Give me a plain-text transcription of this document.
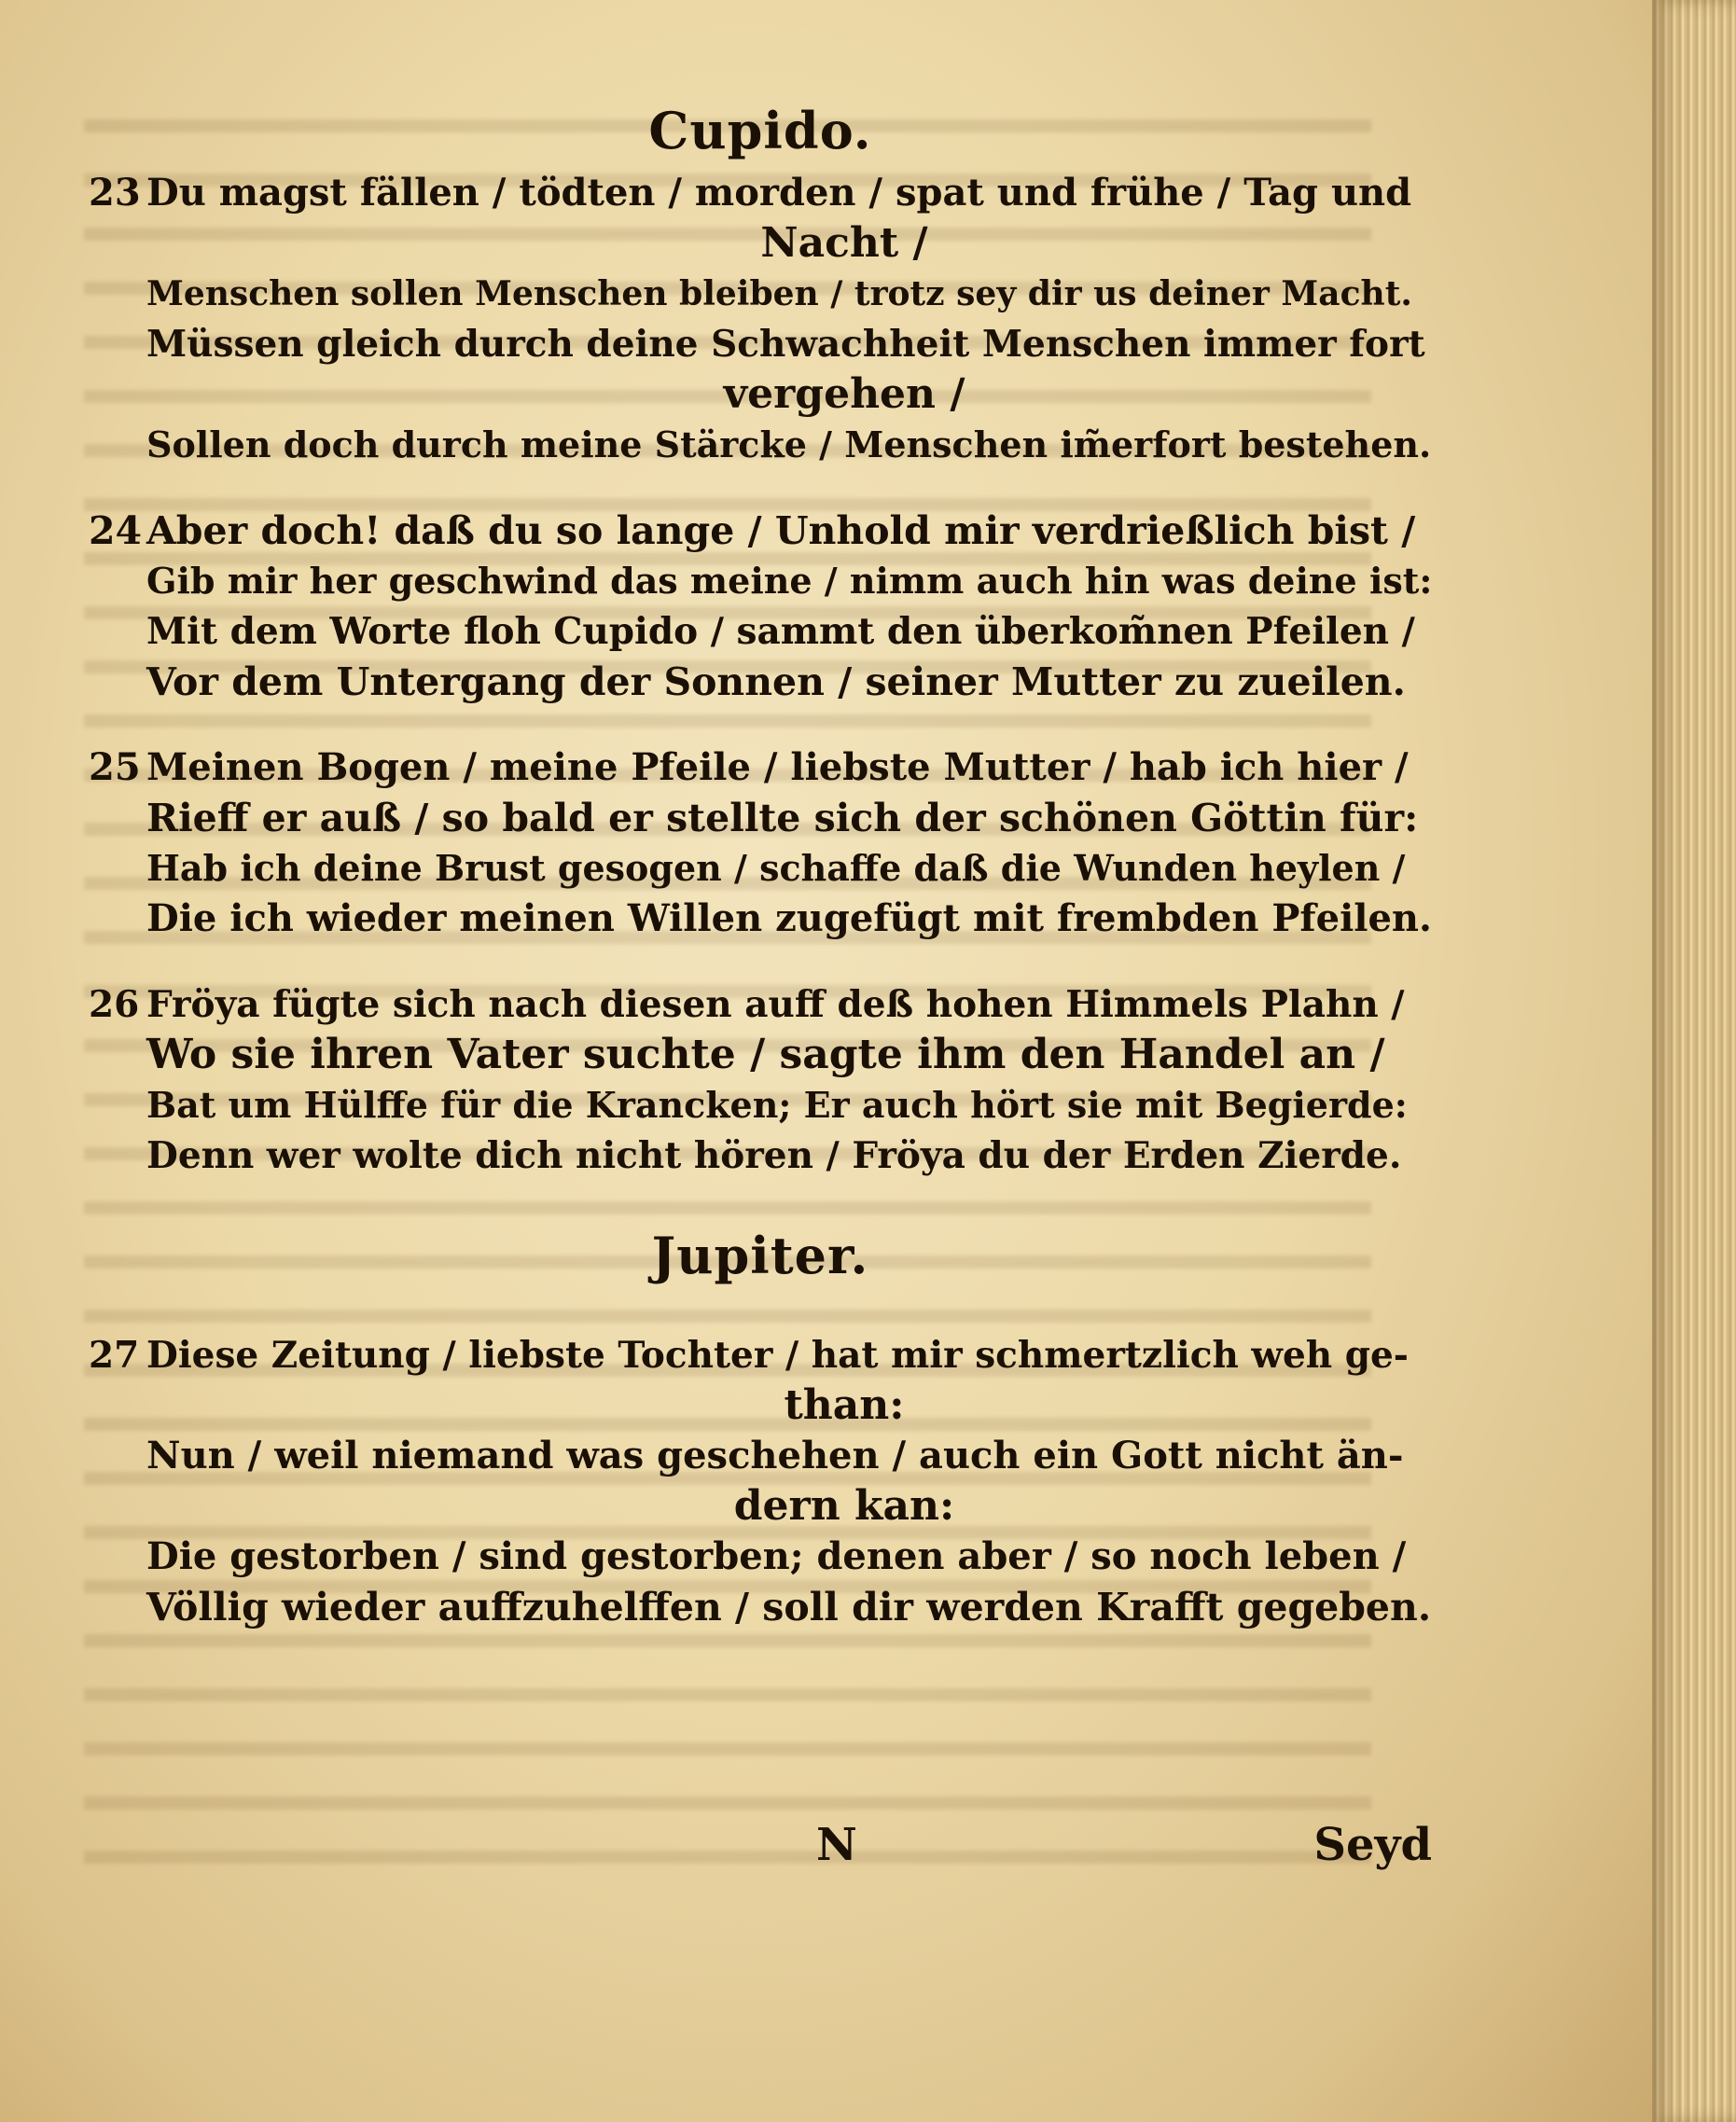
Cupido.
23 Du magst fällen / tödten / morden / spat und frühe / Tag und
Nacht /
Menschen sollen Menschen bleiben / trotz sey dir us deiner Macht.
Müssen gleich durch deine Schwachheit Menschen immer fort
vergehen /
Sollen doch durch meine Stärcke / Menschen im̃erfort bestehen.
24 Aber doch! daß du so lange / Unhold mir verdrießlich bist /
Gib mir her geschwind das meine / nimm auch hin was deine ist:
Mit dem Worte floh Cupido / sammt den überkom̃nen Pfeilen /
Vor dem Untergang der Sonnen / seiner Mutter zu zueilen.
25 Meinen Bogen / meine Pfeile / liebste Mutter / hab ich hier /
Rieff er auß / so bald er stellte sich der schönen Göttin für:
Hab ich deine Brust gesogen / schaffe daß die Wunden heylen /
Die ich wieder meinen Willen zugefügt mit frembden Pfeilen.
26 Fröya fügte sich nach diesen auff deß hohen Himmels Plahn /
Wo sie ihren Vater suchte / sagte ihm den Handel an /
Bat um Hülffe für die Krancken; Er auch hört sie mit Begierde:
Denn wer wolte dich nicht hören / Fröya du der Erden Zierde.
Jupiter.
27 Diese Zeitung / liebste Tochter / hat mir schmertzlich weh ge-
than:
Nun / weil niemand was geschehen / auch ein Gott nicht än-
dern kan:
Die gestorben / sind gestorben; denen aber / so noch leben /
Völlig wieder auffzuhelffen / soll dir werden Krafft gegeben.
N	Seyd
